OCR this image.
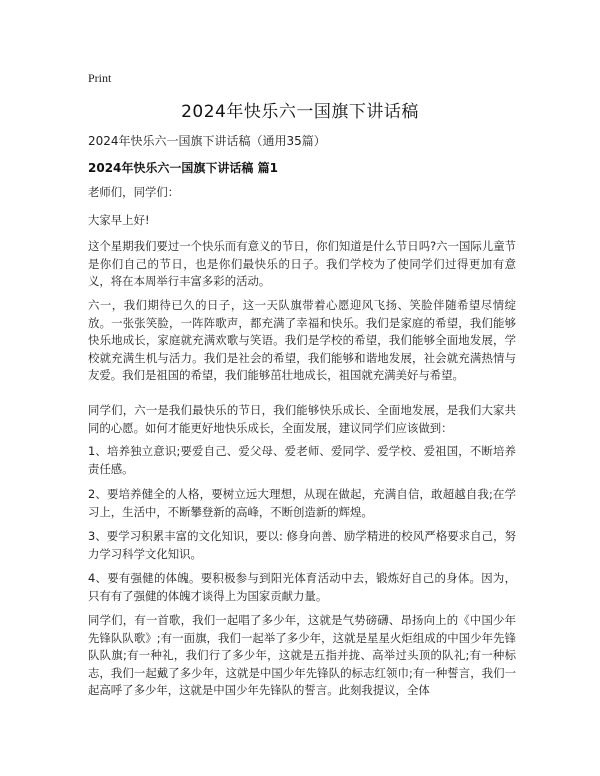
Print
2024年快乐六一国旗下讲话稿
2024年快乐六一国旗下讲话稿（通用35篇）
2024年快乐六一国旗下讲话稿 篇1

老师们，同学们：

大家早上好!

这个星期我们要过一个快乐而有意义的节日，你们知道是什么节日吗?六一国际儿童节是你们自己的节日，也是你们最快乐的日子。我们学校为了使同学们过得更加有意义，将在本周举行丰富多彩的活动。

六一，我们期待已久的日子，这一天队旗带着心愿迎风飞扬、笑脸伴随希望尽情绽放。一张张笑脸，一阵阵歌声，都充满了幸福和快乐。我们是家庭的希望，我们能够快乐地成长，家庭就充满欢歌与笑语。我们是学校的希望，我们能够全面地发展，学校就充满生机与活力。我们是社会的希望，我们能够和谐地发展，社会就充满热情与友爱。我们是祖国的希望，我们能够茁壮地成长，祖国就充满美好与希望。

同学们，六一是我们最快乐的节日，我们能够快乐成长、全面地发展，是我们大家共同的心愿。如何才能更好地快乐成长，全面发展，建议同学们应该做到：

1、培养独立意识;要爱自己、爱父母、爱老师、爱同学、爱学校、爱祖国，不断培养责任感。

2、要培养健全的人格，要树立远大理想，从现在做起，充满自信，敢超越自我;在学习上，生活中，不断攀登新的高峰，不断创造新的辉煌。

3、要学习积累丰富的文化知识，要以: 修身向善、励学精进的校风严格要求自己，努力学习科学文化知识。

4、要有强健的体魄。要积极参与到阳光体育活动中去，锻炼好自己的身体。因为，只有有了强健的体魄才谈得上为国家贡献力量。

同学们，有一首歌，我们一起唱了多少年，这就是气势磅礴、昂扬向上的《中国少年先锋队队歌》;有一面旗，我们一起举了多少年，这就是星星火炬组成的中国少年先锋队队旗;有一种礼，我们行了多少年，这就是五指并拢、高举过头顶的队礼;有一种标志，我们一起戴了多少年，这就是中国少年先锋队的标志红领巾;有一种誓言，我们一起高呼了多少年，这就是中国少年先锋队的誓言。此刻我提议，全体
